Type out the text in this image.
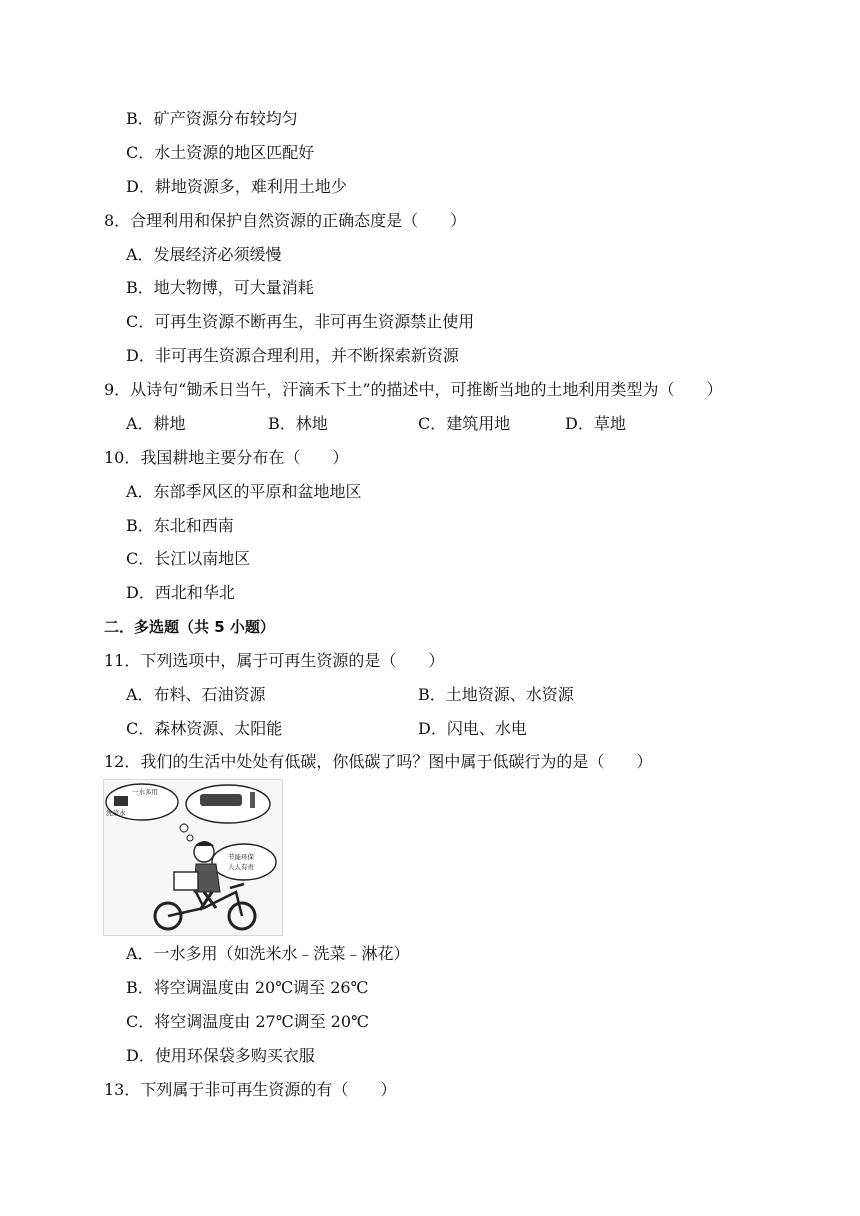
B．矿产资源分布较均匀
C．水土资源的地区匹配好
D．耕地资源多，难利用土地少
8．合理利用和保护自然资源的正确态度是（　　）
A．发展经济必须缓慢
B．地大物博，可大量消耗
C．可再生资源不断再生，非可再生资源禁止使用
D．非可再生资源合理利用，并不断探索新资源
9．从诗句“锄禾日当午，汗滴禾下土”的描述中，可推断当地的土地利用类型为（　　）
A．耕地	B．林地	C．建筑用地	D．草地
10．我国耕地主要分布在（　　）
A．东部季风区的平原和盆地地区
B．东北和西南
C．长江以南地区
D．西北和华北
二．多选题（共 5 小题）
11．下列选项中，属于可再生资源的是（　　）
A．布料、石油资源	B．土地资源、水资源
C．森林资源、太阳能	D．闪电、水电
12．我们的生活中处处有低碳，你低碳了吗？图中属于低碳行为的是（　　）
一水多用
洗菜水
节能环保
人人有责
A．一水多用（如洗米水﹣洗菜﹣淋花）
B．将空调温度由 20℃调至 26℃
C．将空调温度由 27℃调至 20℃
D．使用环保袋多购买衣服
13．下列属于非可再生资源的有（　　）
